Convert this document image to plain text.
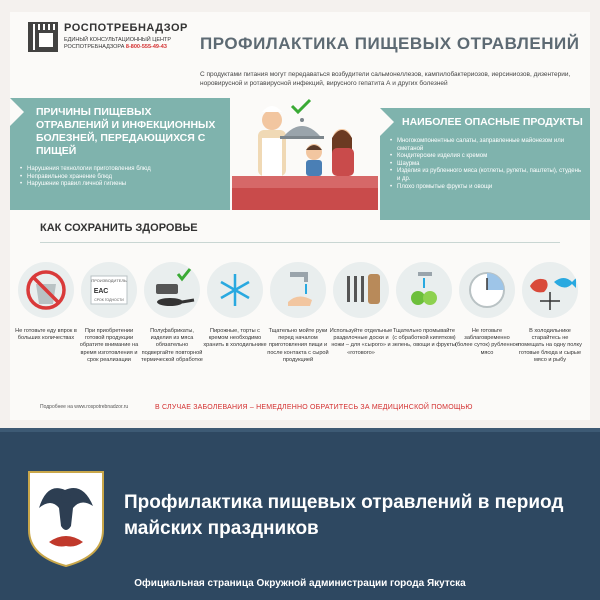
РОСПОТРЕБНАДЗОР
ЕДИНЫЙ КОНСУЛЬТАЦИОННЫЙ ЦЕНТР
РОСПОТРЕБНАДЗОРА 8-800-555-49-43	ПРОФИЛАКТИКА ПИЩЕВЫХ ОТРАВЛЕНИЙ
С продуктами питания могут передаваться возбудители сальмонеллезов, кампилобактериозов, иерсиниозов, дизентерии, норовирусной и ротавирусной инфекций, вирусного гепатита А и других болезней
ПРИЧИНЫ ПИЩЕВЫХ ОТРАВЛЕНИЙ И ИНФЕКЦИОННЫХ БОЛЕЗНЕЙ, ПЕРЕДАЮЩИХСЯ С ПИЩЕЙ
• Нарушения технологии приготовления блюд
• Неправильное хранение блюд
• Нарушение правил личной гигиены
НАИБОЛЕЕ ОПАСНЫЕ ПРОДУКТЫ
• Многокомпонентные салаты, заправленные майонезом или сметаной
• Кондитерские изделия с кремом
• Шаурма
• Изделия из рубленного мяса (котлеты, рулеты, паштеты), студень и др.
• Плохо промытые фрукты и овощи
КАК СОХРАНИТЬ ЗДОРОВЬЕ
Не готовьте еду впрок в больших количествах
ПРОИЗВОДИТЕЛЬ
ЕАС
СРОК ГОДНОСТИ
При приобретении готовой продукции обратите внимание на время изготовления и срок реализации
Полуфабрикаты, изделия из мяса обязательно подвергайте повторной термической обработке
Пирожные, торты с кремом необходимо хранить в холодильнике
Тщательно мойте руки перед началом приготовления пищи и после контакта с сырой продукцией
Используйте отдельные разделочные доски и ножи – для «сырого» и «готового»
Тщательно промывайте (с обработкой кипятком) зелень, овощи и фрукты
Не готовьте заблаговременно (более суток) рубленное мясо
В холодильнике старайтесь не помещать на одну полку готовые блюда и сырые мясо и рыбу
Подробнее на www.rospotrebnadzor.ru	В СЛУЧАЕ ЗАБОЛЕВАНИЯ – НЕМЕДЛЕННО ОБРАТИТЕСЬ ЗА МЕДИЦИНСКОЙ ПОМОЩЬЮ
Профилактика пищевых отравлений в период майских праздников
Официальная страница Окружной администрации города Якутска
